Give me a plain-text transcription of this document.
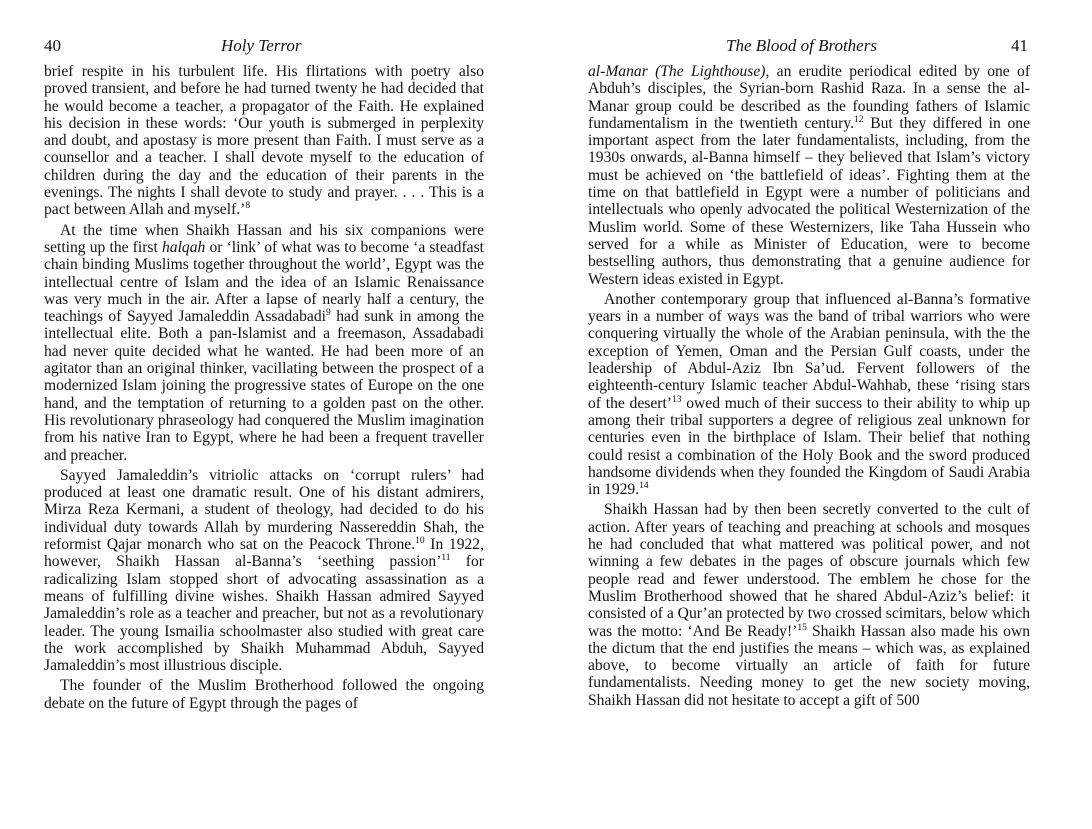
40	Holy Terror

brief respite in his turbulent life. His flirtations with poetry also proved transient, and before he had turned twenty he had decided that he would become a teacher, a propagator of the Faith. He explained his decision in these words: ‘Our youth is submerged in perplexity and doubt, and apostasy is more present than Faith. I must serve as a counsellor and a teacher. I shall devote myself to the education of children during the day and the education of their parents in the evenings. The nights I shall devote to study and prayer. . . . This is a pact between Allah and myself.’$^8$

At the time when Shaikh Hassan and his six companions were setting up the first halqah or ‘link’ of what was to become ‘a steadfast chain binding Muslims together throughout the world’, Egypt was the intellectual centre of Islam and the idea of an Islamic Renaissance was very much in the air. After a lapse of nearly half a century, the teachings of Sayyed Jamaleddin Assadabadi$^9$ had sunk in among the intellectual elite. Both a pan-Islamist and a freemason, Assadabadi had never quite decided what he wanted. He had been more of an agitator than an original thinker, vacillating between the prospect of a modernized Islam joining the progressive states of Europe on the one hand, and the temptation of returning to a golden past on the other. His revolutionary phraseology had conquered the Muslim imagination from his native Iran to Egypt, where he had been a frequent traveller and preacher.

Sayyed Jamaleddin’s vitriolic attacks on ‘corrupt rulers’ had produced at least one dramatic result. One of his distant admirers, Mirza Reza Kermani, a student of theology, had decided to do his individual duty towards Allah by murdering Nassereddin Shah, the reformist Qajar monarch who sat on the Peacock Throne.$^{10}$ In 1922, however, Shaikh Hassan al-Banna’s ‘seething passion’$^{11}$ for radicalizing Islam stopped short of advocating assassination as a means of fulfilling divine wishes. Shaikh Hassan admired Sayyed Jamaleddin’s role as a teacher and preacher, but not as a revolutionary leader. The young Ismailia schoolmaster also studied with great care the work accomplished by Shaikh Muhammad Abduh, Sayyed Jamaleddin’s most illustrious disciple.

The founder of the Muslim Brotherhood followed the ongoing debate on the future of Egypt through the pages of

The Blood of Brothers	41

al-Manar (The Lighthouse), an erudite periodical edited by one of Abduh’s disciples, the Syrian-born Rashid Raza. In a sense the al-Manar group could be described as the founding fathers of Islamic fundamentalism in the twentieth century.$^{12}$ But they differed in one important aspect from the later fundamentalists, including, from the 1930s onwards, al-Banna himself – they believed that Islam’s victory must be achieved on ‘the battlefield of ideas’. Fighting them at the time on that battlefield in Egypt were a number of politicians and intellectuals who openly advocated the political Westernization of the Muslim world. Some of these Westernizers, like Taha Hussein who served for a while as Minister of Education, were to become bestselling authors, thus demonstrating that a genuine audience for Western ideas existed in Egypt.

Another contemporary group that influenced al-Banna’s formative years in a number of ways was the band of tribal warriors who were conquering virtually the whole of the Arabian peninsula, with the the exception of Yemen, Oman and the Persian Gulf coasts, under the leadership of Abdul-Aziz Ibn Sa’ud. Fervent followers of the eighteenth-century Islamic teacher Abdul-Wahhab, these ‘rising stars of the desert’$^{13}$ owed much of their success to their ability to whip up among their tribal supporters a degree of religious zeal unknown for centuries even in the birthplace of Islam. Their belief that nothing could resist a combination of the Holy Book and the sword produced handsome dividends when they founded the Kingdom of Saudi Arabia in 1929.14

Shaikh Hassan had by then been secretly converted to the cult of action. After years of teaching and preaching at schools and mosques he had concluded that what mattered was political power, and not winning a few debates in the pages of obscure journals which few people read and fewer understood. The emblem he chose for the Muslim Brotherhood showed that he shared Abdul-Aziz’s belief: it consisted of a Qur’an protected by two crossed scimitars, below which was the motto: ‘And Be Ready!’$^{15}$ Shaikh Hassan also made his own the dictum that the end justifies the means – which was, as explained above, to become virtually an article of faith for future fundamentalists. Needing money to get the new society moving, Shaikh Hassan did not hesitate to accept a gift of 500
